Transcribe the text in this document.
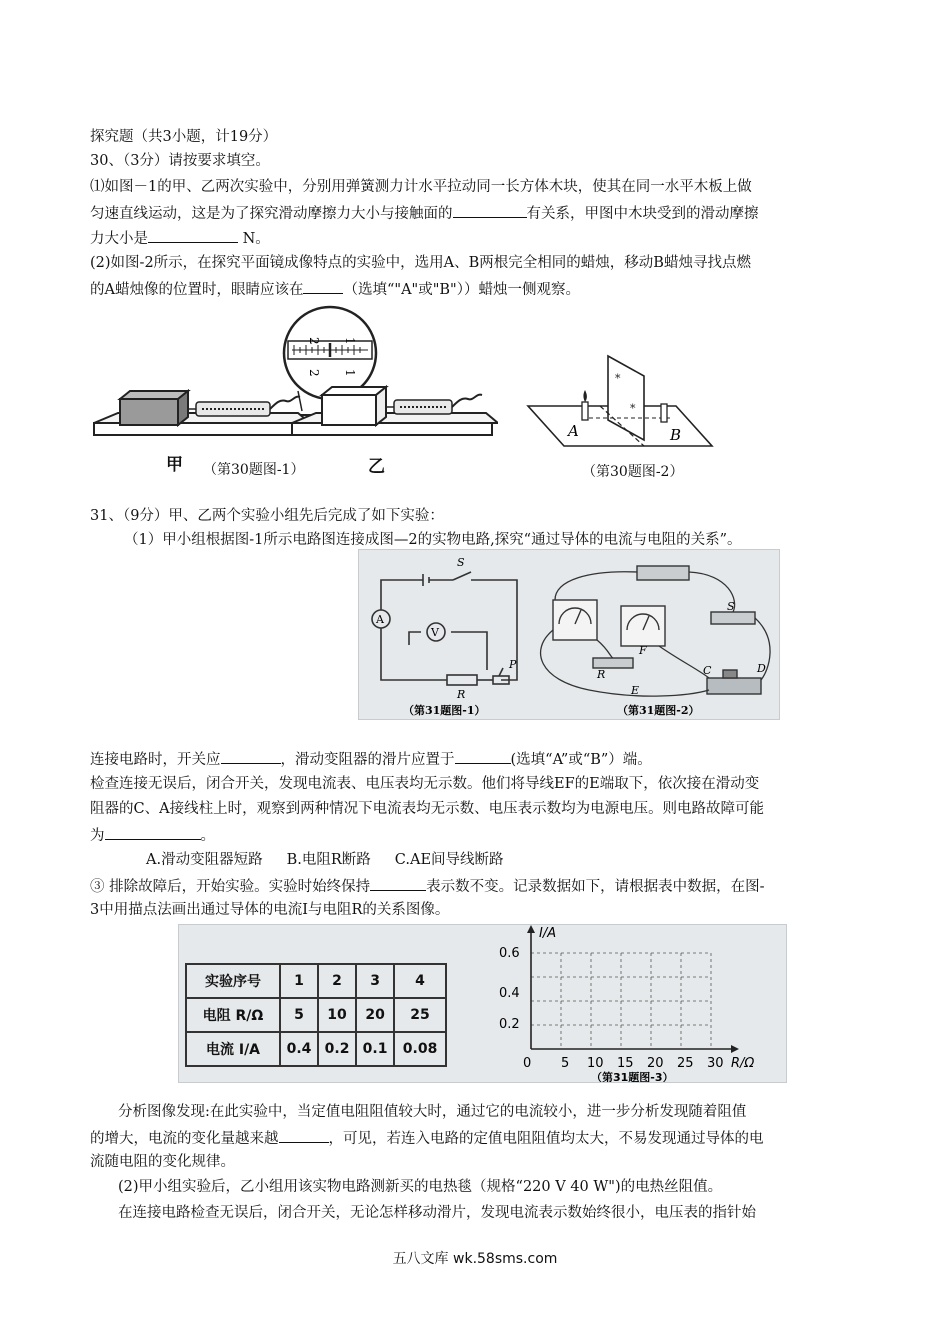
探究题（共3小题，计19分）
30、（3分）请按要求填空。
⑴如图－1的甲、乙两次实验中，分别用弹簧测力计水平拉动同一长方体木块，使其在同一水平木板上做
匀速直线运动，这是为了探究滑动摩擦力大小与接触面的	有关系，甲图中木块受到的滑动摩擦
力大小是	N。
(2)如图-2所示，在探究平面镜成像特点的实验中，选用A、B两根完全相同的蜡烛，移动B蜡烛寻找点燃
的A蜡烛像的位置时，眼睛应该在	（选填“"A"或"B"））蜡烛一侧观察。
2 1
2 1
甲 （第30题图-1）	乙
*
*
A	B
（第30题图-2）
31、（9分）甲、乙两个实验小组先后完成了如下实验：
（1）甲小组根据图-1所示电路图连接成图—2的实物电路,探究“通过导体的电流与电阻的关系”。
A
V
S
R
P
S
R
F
E
C	D
（第31题图-1）	（第31题图-2）
连接电路时，开关应	，滑动变阻器的滑片应置于	(选填“A”或“B”）端。
检查连接无误后，闭合开关，发现电流表、电压表均无示数。他们将导线EF的E端取下，依次接在滑动变
阻器的C、A接线柱上时，观察到两种情况下电流表均无示数、电压表示数均为电源电压。则电路故障可能
为	。
A.滑动变阻器短路 B.电阻R断路 C.AE间导线断路
③ 排除故障后，开始实验。实验时始终保持	表示数不变。记录数据如下，请根据表中数据，在图-
3中用描点法画出通过导体的电流I与电阻R的关系图像。
实验序号	1	2	3	4
电阻 R/Ω	5	10	20	25
电流 I/A	0.4	0.2	0.1	0.08
I/A
0.6
0.4
0.2
0 5 10 15 20 25 30 R/Ω
（第31题图-3）
分析图像发现:在此实验中，当定值电阻阻值较大时，通过它的电流较小，进一步分析发现随着阻值
的增大，电流的变化量越来越	，可见，若连入电路的定值电阻阻值均太大，不易发现通过导体的电
流随电阻的变化规律。
(2)甲小组实验后，乙小组用该实物电路测新买的电热毯（规格“220 V 40 W")的电热丝阻值。
在连接电路检查无误后，闭合开关，无论怎样移动滑片，发现电流表示数始终很小，电压表的指针始
五八文库 wk.58sms.com
